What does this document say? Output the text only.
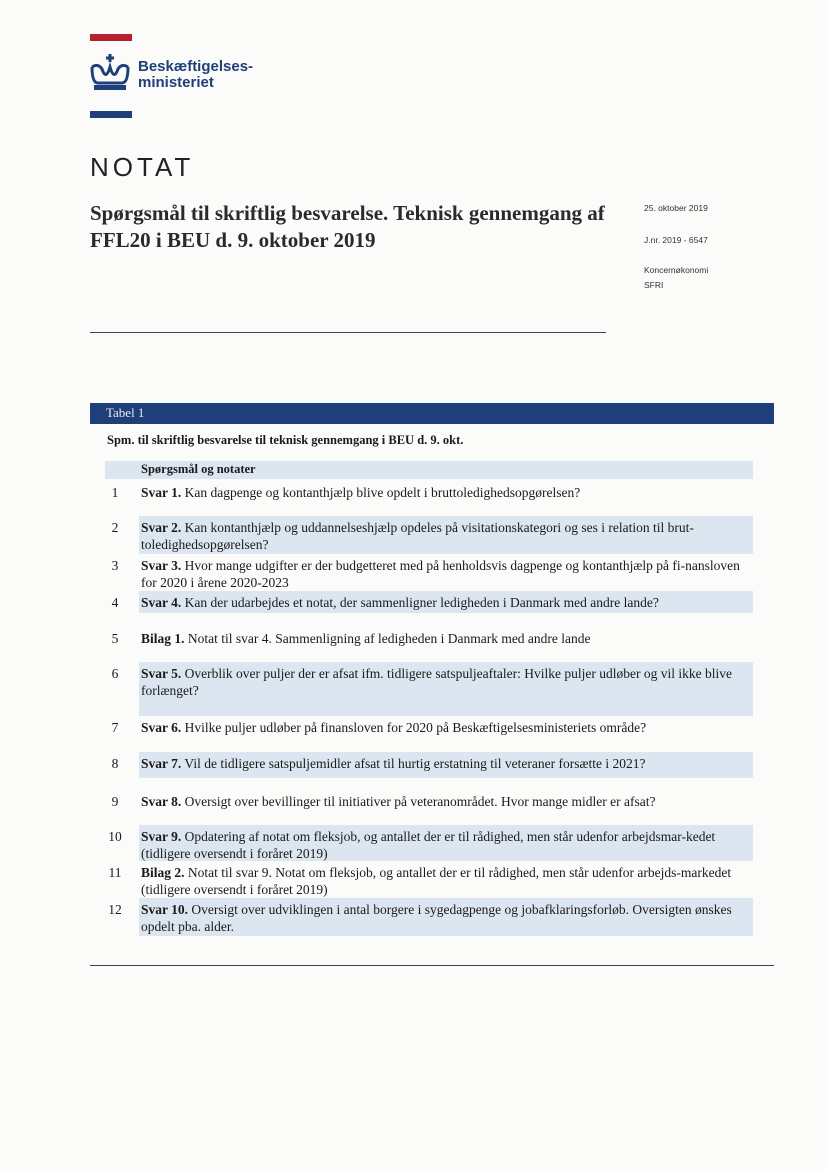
Beskæftigelses-
ministeriet
NOTAT
Spørgsmål til skriftlig besvarelse. Teknisk gennemgang af FFL20 i BEU d. 9. oktober 2019
25. oktober 2019
J.nr. 2019 - 6547
Koncernøkonomi
SFRI
Tabel 1
Spm. til skriftlig besvarelse til teknisk gennemgang i BEU d. 9. okt.
Spørgsmål og notater
1	Svar 1. Kan dagpenge og kontanthjælp blive opdelt i bruttoledighedsopgørelsen?
2	Svar 2. Kan kontanthjælp og uddannelseshjælp opdeles på visitationskategori og ses i relation til brut-toledighedsopgørelsen?
3	Svar 3. Hvor mange udgifter er der budgetteret med på henholdsvis dagpenge og kontanthjælp på fi-nansloven for 2020 i årene 2020-2023
4	Svar 4. Kan der udarbejdes et notat, der sammenligner ledigheden i Danmark med andre lande?
5	Bilag 1. Notat til svar 4. Sammenligning af ledigheden i Danmark med andre lande
6	Svar 5. Overblik over puljer der er afsat ifm. tidligere satspuljeaftaler: Hvilke puljer udløber og vil ikke blive forlænget?
7	Svar 6. Hvilke puljer udløber på finansloven for 2020 på Beskæftigelsesministeriets område?
8	Svar 7. Vil de tidligere satspuljemidler afsat til hurtig erstatning til veteraner forsætte i 2021?
9	Svar 8. Oversigt over bevillinger til initiativer på veteranområdet. Hvor mange midler er afsat?
10 Svar 9. Opdatering af notat om fleksjob, og antallet der er til rådighed, men står udenfor arbejdsmar-kedet (tidligere oversendt i foråret 2019)
11 Bilag 2. Notat til svar 9. Notat om fleksjob, og antallet der er til rådighed, men står udenfor arbejds-markedet (tidligere oversendt i foråret 2019)
12 Svar 10. Oversigt over udviklingen i antal borgere i sygedagpenge og jobafklaringsforløb. Oversigten ønskes opdelt pba. alder.
